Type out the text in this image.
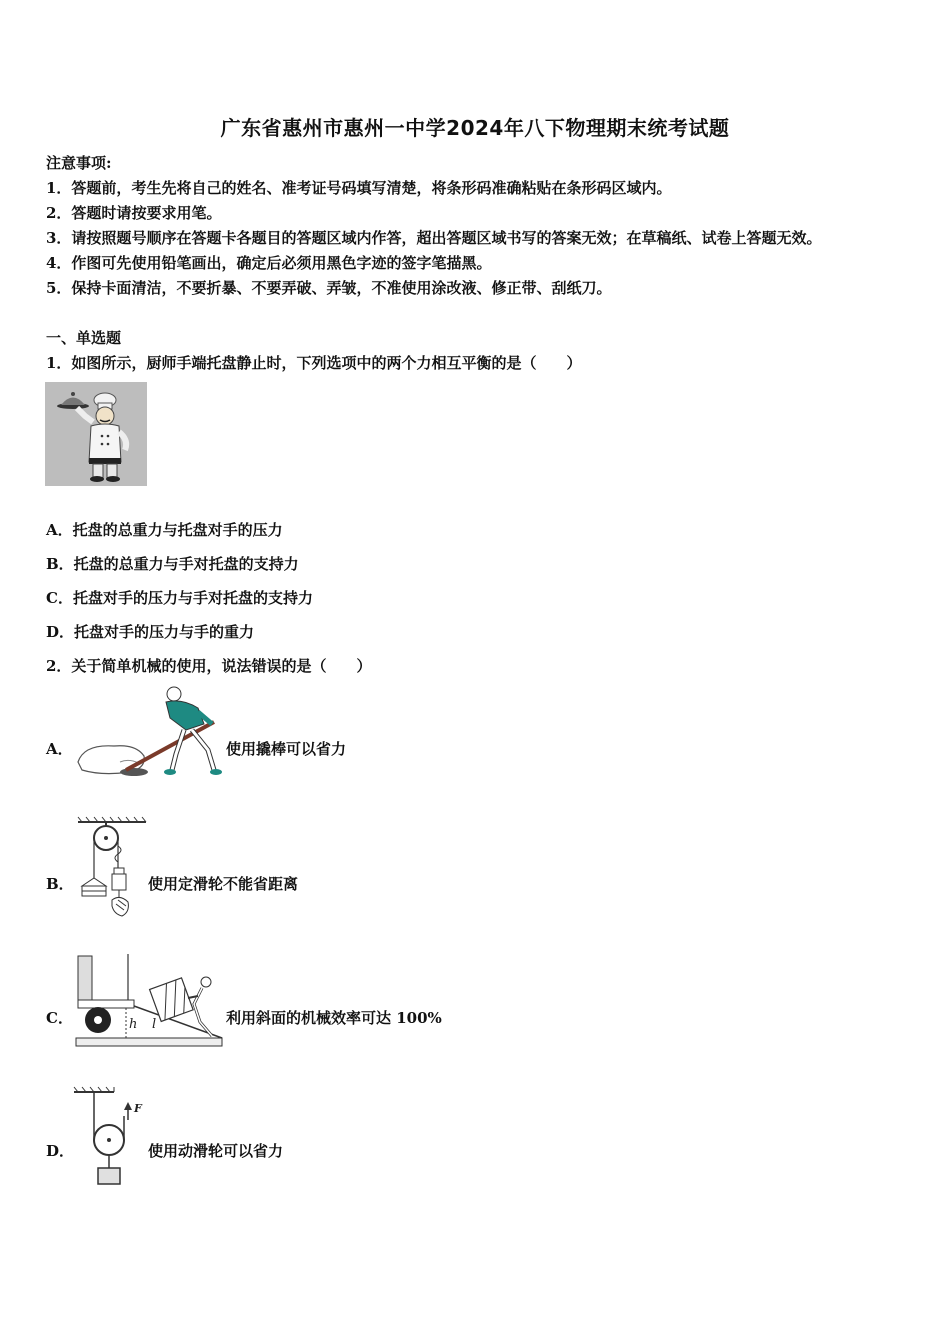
广东省惠州市惠州一中学2024年八下物理期末统考试题
注意事项:
1．答题前，考生先将自己的姓名、准考证号码填写清楚，将条形码准确粘贴在条形码区域内。
2．答题时请按要求用笔。
3．请按照题号顺序在答题卡各题目的答题区域内作答，超出答题区域书写的答案无效；在草稿纸、试卷上答题无效。
4．作图可先使用铅笔画出，确定后必须用黑色字迹的签字笔描黑。
5．保持卡面清洁，不要折暴、不要弄破、弄皱，不准使用涂改液、修正带、刮纸刀。
一、单选题
1．如图所示，厨师手端托盘静止时，下列选项中的两个力相互平衡的是（　　）
A．托盘的总重力与托盘对手的压力
B．托盘的总重力与手对托盘的支持力
C．托盘对手的压力与手对托盘的支持力
D．托盘对手的压力与手的重力
2．关于简单机械的使用，说法错误的是（　　）
A．	使用撬棒可以省力
B．	使用定滑轮不能省距离
C．	h l	利用斜面的机械效率可达 100%
D．
F
使用动滑轮可以省力
